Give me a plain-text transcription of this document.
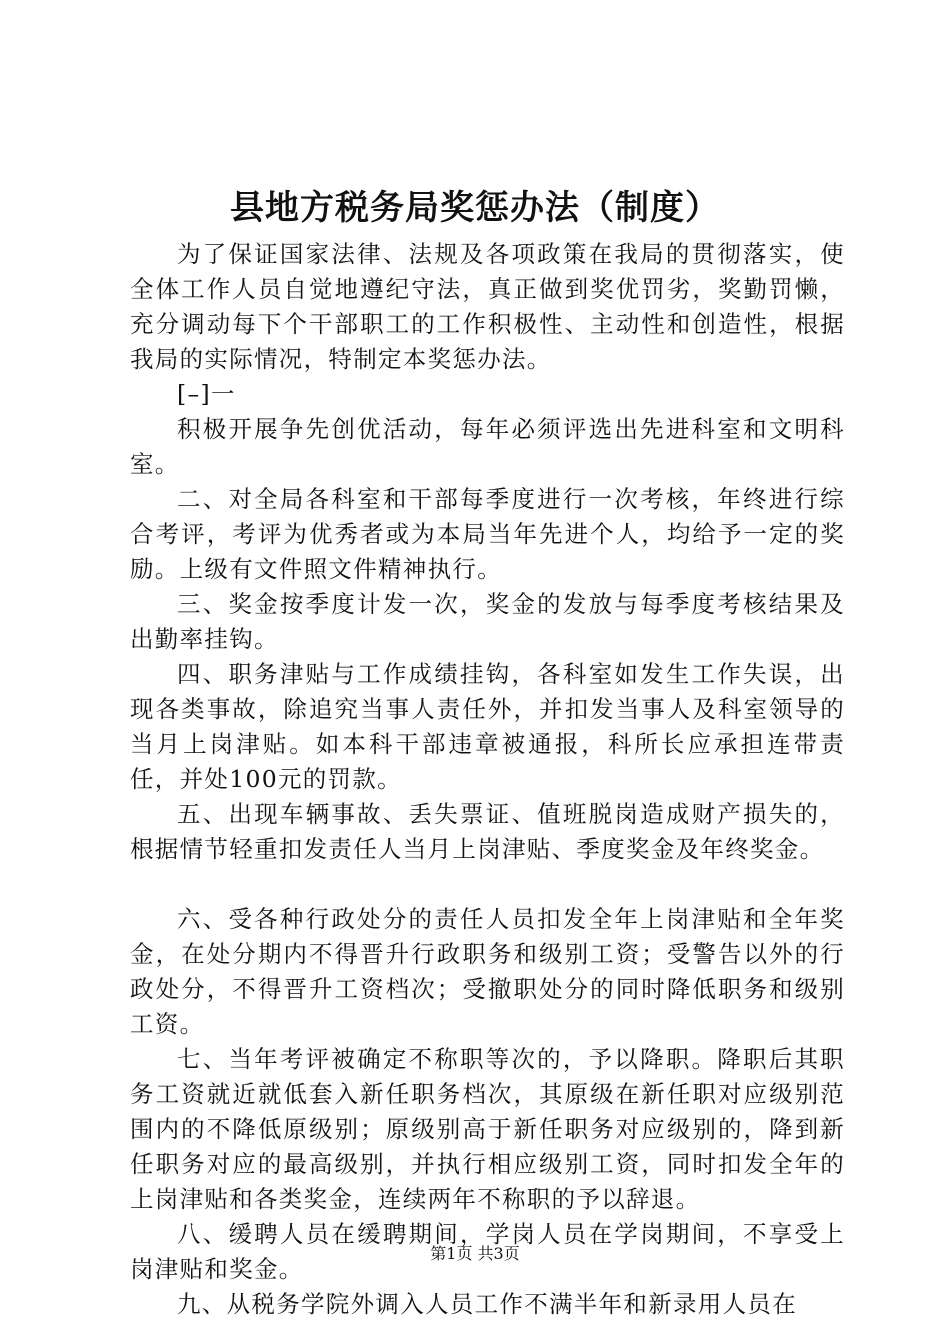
县地方税务局奖惩办法（制度）

为了保证国家法律、法规及各项政策在我局的贯彻落实，使全体工作人员自觉地遵纪守法，真正做到奖优罚劣，奖勤罚懒，充分调动每下个干部职工的工作积极性、主动性和创造性，根据我局的实际情况，特制定本奖惩办法。

[–]一

积极开展争先创优活动，每年必须评选出先进科室和文明科室。

二、对全局各科室和干部每季度进行一次考核，年终进行综合考评，考评为优秀者或为本局当年先进个人，均给予一定的奖励。上级有文件照文件精神执行。

三、奖金按季度计发一次，奖金的发放与每季度考核结果及出勤率挂钩。

四、职务津贴与工作成绩挂钩，各科室如发生工作失误，出现各类事故，除追究当事人责任外，并扣发当事人及科室领导的当月上岗津贴。如本科干部违章被通报，科所长应承担连带责任，并处100元的罚款。

五、出现车辆事故、丢失票证、值班脱岗造成财产损失的，根据情节轻重扣发责任人当月上岗津贴、季度奖金及年终奖金。

六、受各种行政处分的责任人员扣发全年上岗津贴和全年奖金，在处分期内不得晋升行政职务和级别工资；受警告以外的行政处分，不得晋升工资档次；受撤职处分的同时降低职务和级别工资。

七、当年考评被确定不称职等次的，予以降职。降职后其职务工资就近就低套入新任职务档次，其原级在新任职对应级别范围内的不降低原级别；原级别高于新任职务对应级别的，降到新任职务对应的最高级别，并执行相应级别工资，同时扣发全年的上岗津贴和各类奖金，连续两年不称职的予以辞退。

八、缓聘人员在缓聘期间，学岗人员在学岗期间，不享受上岗津贴和奖金。

九、从税务学院外调入人员工作不满半年和新录用人员在

第1页 共3页
